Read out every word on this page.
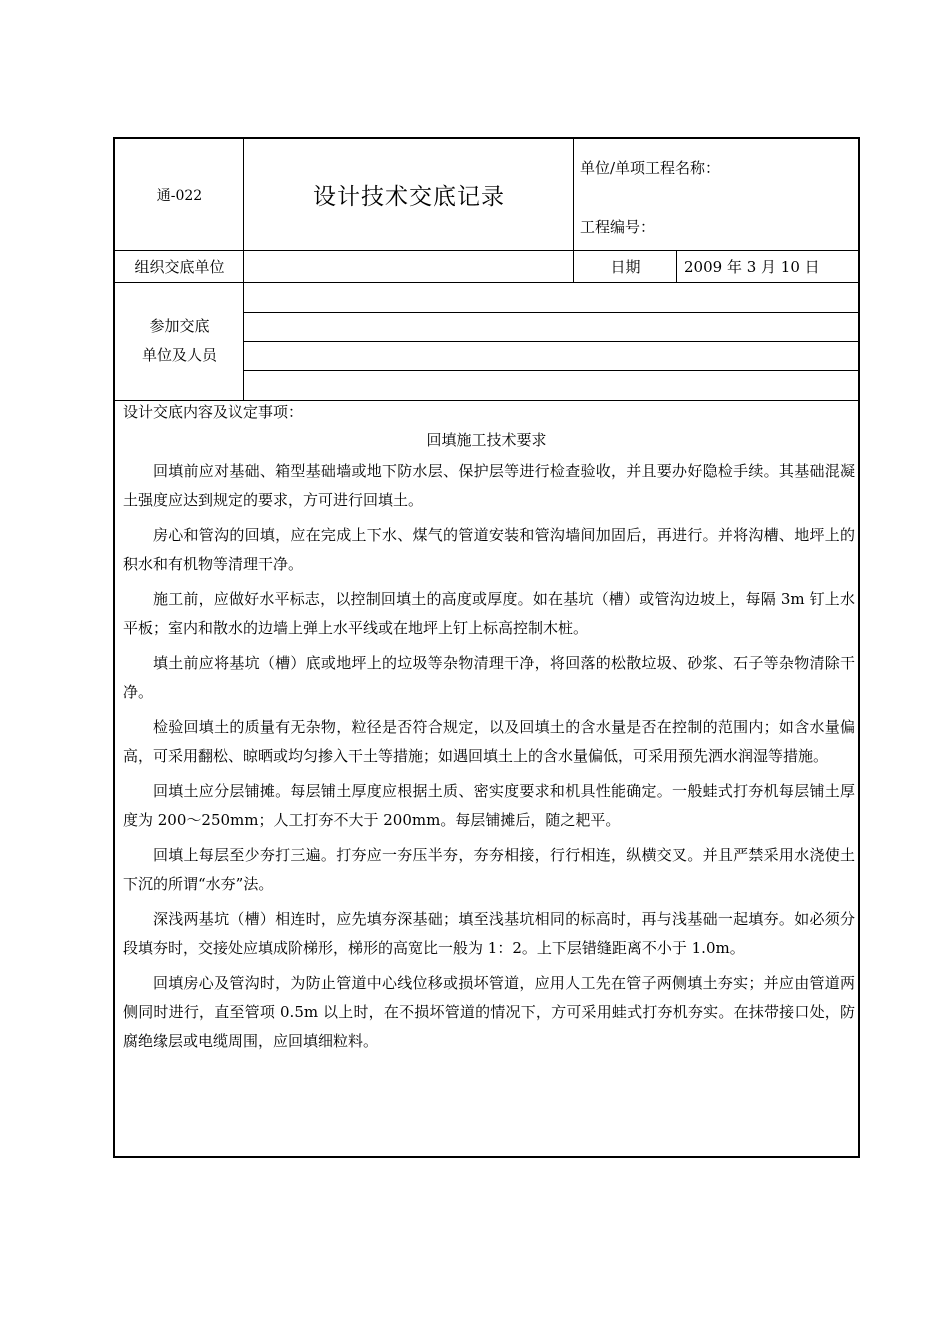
通-022	设计技术交底记录
单位/单项工程名称：
工程编号：
组织交底单位	日期	2009 年 3 月 10 日
参加交底
单位及人员
设计交底内容及议定事项：
回填施工技术要求

回填前应对基础、箱型基础墙或地下防水层、保护层等进行检查验收，并且要办好隐检手续。其基础混凝土强度应达到规定的要求，方可进行回填土。

房心和管沟的回填，应在完成上下水、煤气的管道安装和管沟墙间加固后，再进行。并将沟槽、地坪上的积水和有机物等清理干净。

施工前，应做好水平标志，以控制回填土的高度或厚度。如在基坑（槽）或管沟边坡上，每隔 3m 钉上水平板；室内和散水的边墙上弹上水平线或在地坪上钉上标高控制木桩。

填土前应将基坑（槽）底或地坪上的垃圾等杂物清理干净，将回落的松散垃圾、砂浆、石子等杂物清除干净。

检验回填土的质量有无杂物，粒径是否符合规定，以及回填土的含水量是否在控制的范围内；如含水量偏高，可采用翻松、晾晒或均匀掺入干土等措施；如遇回填土上的含水量偏低，可采用预先洒水润湿等措施。

回填土应分层铺摊。每层铺土厚度应根据土质、密实度要求和机具性能确定。一般蛙式打夯机每层铺土厚度为 200～250mm；人工打夯不大于 200mm。每层铺摊后，随之耙平。

回填上每层至少夯打三遍。打夯应一夯压半夯，夯夯相接，行行相连，纵横交叉。并且严禁采用水浇使土下沉的所谓“水夯”法。

深浅两基坑（槽）相连时，应先填夯深基础；填至浅基坑相同的标高时，再与浅基础一起填夯。如必须分段填夯时，交接处应填成阶梯形，梯形的高宽比一般为 1：2。上下层错缝距离不小于 1.0m。

回填房心及管沟时，为防止管道中心线位移或损坏管道，应用人工先在管子两侧填土夯实；并应由管道两侧同时进行，直至管项 0.5m 以上时，在不损坏管道的情况下，方可采用蛙式打夯机夯实。在抹带接口处，防腐绝缘层或电缆周围，应回填细粒料。
